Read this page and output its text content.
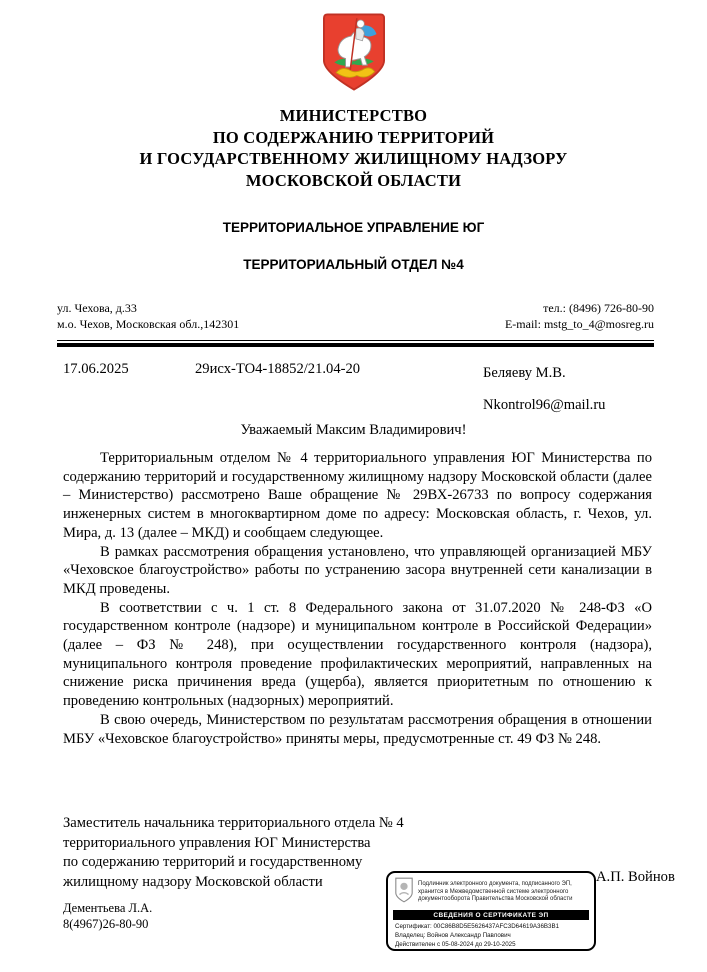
МИНИСТЕРСТВО
ПО СОДЕРЖАНИЮ ТЕРРИТОРИЙ
И ГОСУДАРСТВЕННОМУ ЖИЛИЩНОМУ НАДЗОРУ
МОСКОВСКОЙ ОБЛАСТИ
ТЕРРИТОРИАЛЬНОЕ УПРАВЛЕНИЕ ЮГ
ТЕРРИТОРИАЛЬНЫЙ ОТДЕЛ №4
ул. Чехова, д.33
м.о. Чехов, Московская обл.,142301
тел.: (8496) 726-80-90
E-mail: mstg_to_4@mosreg.ru
17.06.2025	29исх-ТО4-18852/21.04-20	Беляеву М.В.
Nkontrol96@mail.ru
Уважаемый Максим Владимирович!

Территориальным отделом № 4 территориального управления ЮГ Министерства по содержанию территорий и государственному жилищному надзору Московской области (далее – Министерство) рассмотрено Ваше обращение № 29ВХ-26733 по вопросу содержания инженерных систем в многоквартирном доме по адресу: Московская область, г. Чехов, ул. Мира, д. 13 (далее – МКД) и сообщаем следующее.

В рамках рассмотрения обращения установлено, что управляющей организацией МБУ «Чеховское благоустройство» работы по устранению засора внутренней сети канализации в МКД проведены.

В соответствии с ч. 1 ст. 8 Федерального закона от 31.07.2020 № 248-ФЗ «О государственном контроле (надзоре) и муниципальном контроле в Российской Федерации» (далее – ФЗ № 248), при осуществлении государственного контроля (надзора), муниципального контроля проведение профилактических мероприятий, направленных на снижение риска причинения вреда (ущерба), является приоритетным по отношению к проведению контрольных (надзорных) мероприятий.

В свою очередь, Министерством по результатам рассмотрения обращения в отношении МБУ «Чеховское благоустройство» приняты меры, предусмотренные ст. 49 ФЗ № 248.

Заместитель начальника территориального отдела № 4
территориального управления ЮГ Министерства
по содержанию территорий и государственному
жилищному надзору Московской области	А.П. Войнов
Подлинник электронного документа, подписанного ЭП, хранится в Межведомственной системе электронного документооборота Правительства Московской области
СВЕДЕНИЯ О СЕРТИФИКАТЕ ЭП
Сертификат: 00C86B8D5E5626437AFC3D64619A36B3B1
Владелец: Войнов Александр Павлович
Действителен с 05-08-2024 до 29-10-2025
Дементьева Л.А.
8(4967)26-80-90
